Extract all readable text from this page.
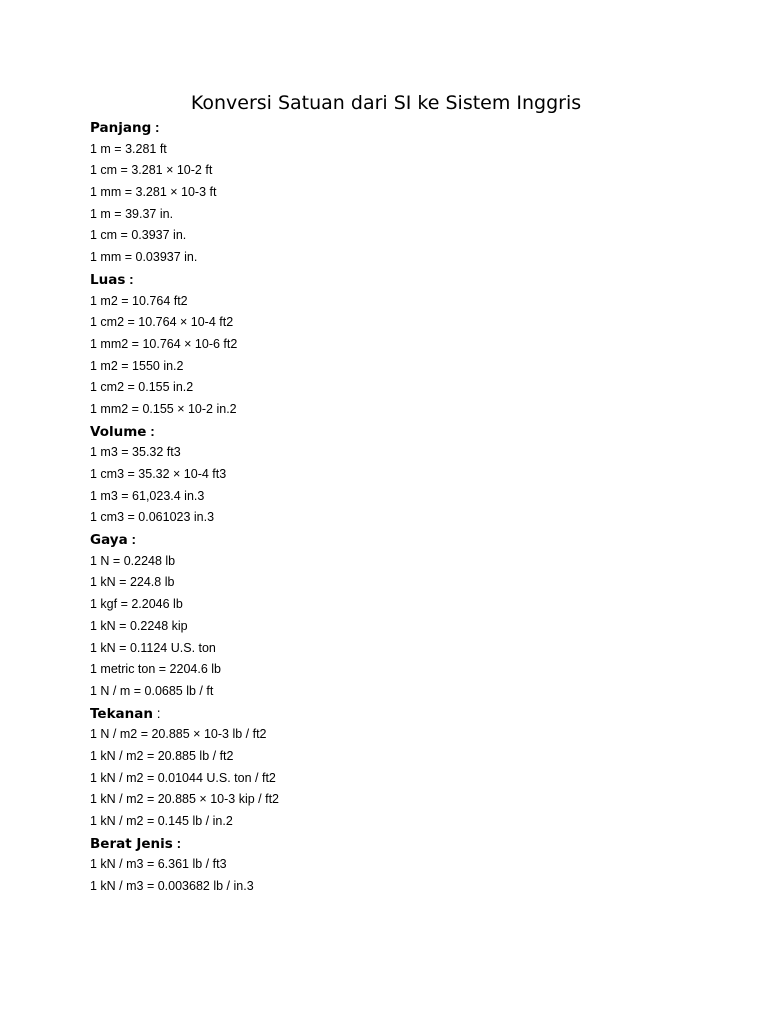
Konversi Satuan dari SI ke Sistem Inggris
Panjang :
1 m = 3.281 ft
1 cm = 3.281 × 10-2 ft
1 mm = 3.281 × 10-3 ft
1 m = 39.37 in.
1 cm = 0.3937 in.
1 mm = 0.03937 in.
Luas :
1 m2 = 10.764 ft2
1 cm2 = 10.764 × 10-4 ft2
1 mm2 = 10.764 × 10-6 ft2
1 m2 = 1550 in.2
1 cm2 = 0.155 in.2
1 mm2 = 0.155 × 10-2 in.2
Volume :
1 m3 = 35.32 ft3
1 cm3 = 35.32 × 10-4 ft3
1 m3 = 61,023.4 in.3
1 cm3 = 0.061023 in.3
Gaya :
1 N = 0.2248 lb
1 kN = 224.8 lb
1 kgf = 2.2046 lb
1 kN = 0.2248 kip
1 kN = 0.1124 U.S. ton
1 metric ton = 2204.6 lb
1 N / m = 0.0685 lb / ft
Tekanan :
1 N / m2 = 20.885 × 10-3 lb / ft2
1 kN / m2 = 20.885 lb / ft2
1 kN / m2 = 0.01044 U.S. ton / ft2
1 kN / m2 = 20.885 × 10-3 kip / ft2
1 kN / m2 = 0.145 lb / in.2
Berat Jenis :
1 kN / m3 = 6.361 lb / ft3
1 kN / m3 = 0.003682 lb / in.3
